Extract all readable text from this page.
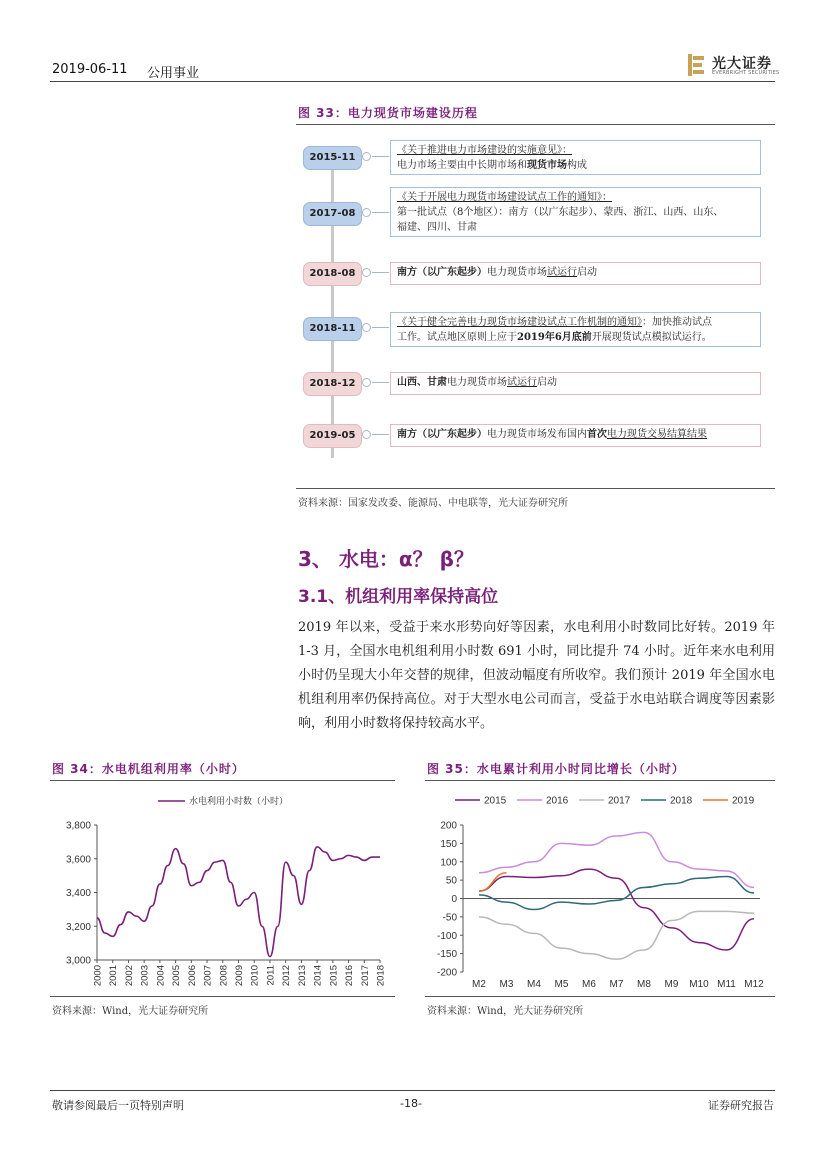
2019-06-11 公用事业
光大证券
EVERBRIGHT SECURITIES
图 33：电力现货市场建设历程
2015-11
《关于推进电力市场建设的实施意见》：
电力市场主要由中长期市场和现货市场构成
2017-08
《关于开展电力现货市场建设试点工作的通知》：
第一批试点（8个地区）：南方（以广东起步）、蒙西、浙江、山西、山东、
福建、四川、甘肃
2018-08	南方（以广东起步）电力现货市场试运行启动
2018-11
《关于健全完善电力现货市场建设试点工作机制的通知》：加快推动试点
工作。试点地区原则上应于2019年6月底前开展现货试点模拟试运行。
2018-12	山西、甘肃电力现货市场试运行启动
2019-05	南方（以广东起步）电力现货市场发布国内首次电力现货交易结算结果
资料来源：国家发改委、能源局、中电联等，光大证券研究所
3、 水电：α？ β？
3.1、机组利用率保持高位
2019 年以来，受益于来水形势向好等因素，水电利用小时数同比好转。2019 年 1-3 月，全国水电机组利用小时数 691 小时，同比提升 74 小时。近年来水电利用小时仍呈现大小年交替的规律，但波动幅度有所收窄。我们预计 2019 年全国水电机组利用率仍保持高位。对于大型水电公司而言，受益于水电站联合调度等因素影响，利用小时数将保持较高水平。
图 34：水电机组利用率（小时）
水电利用小时数（小时）
3,000
3,200
3,400
3,600
3,800
2000 2001 2002 2003 2004 2005 2006 2007 2008 2009 2010 2011 2012 2013 2014 2015 2016 2017 2018
资料来源：Wind，光大证券研究所
图 35：水电累计利用小时同比增长（小时）
2015	2016	2017	2018	2019
-200
-150
-100
-50
0
50
100
150
200
M2 M3 M4 M5 M6 M7 M8 M9 M10 M11 M12
资料来源：Wind，光大证券研究所
敬请参阅最后一页特别声明	-18-	证券研究报告
